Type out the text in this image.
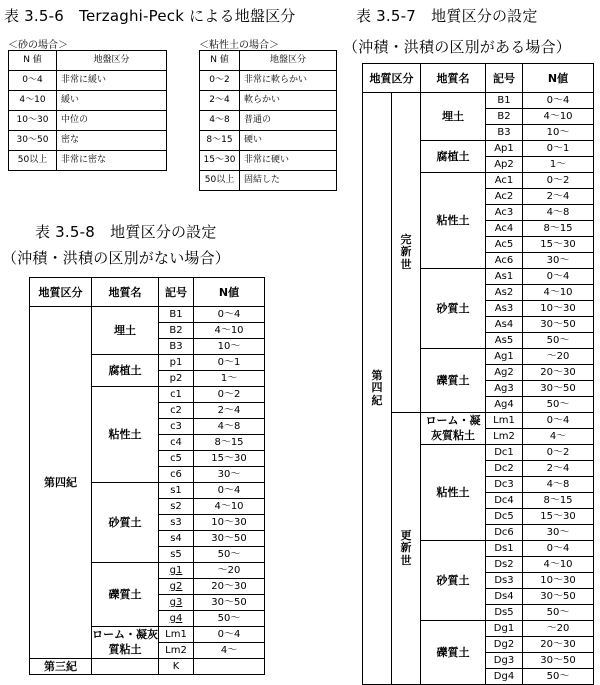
表 3.5-6　Terzaghi-Peck による地盤区分
＜砂の場合＞
N 値	地盤区分
0〜4	非常に緩い
4〜10	緩い
10〜30	中位の
30〜50	密な
50以上	非常に密な
＜粘性土の場合＞
N 値	地盤区分
0〜2	非常に軟らかい
2〜4	軟らかい
4〜8	普通の
8〜15	硬い
15〜30	非常に硬い
50以上	固結した
表 3.5-8　地質区分の設定
（沖積・洪積の区別がない場合）
地質区分	地質名	記号	N値
第四紀	埋土	B1	0〜4
		B2	4〜10
		B3	10〜
	腐植土	p1	0〜1
		p2	1〜
	粘性土	c1	0〜2
		c2	2〜4
		c3	4〜8
		c4	8〜15
		c5	15〜30
		c6	30〜
	砂質土	s1	0〜4
		s2	4〜10
		s3	10〜30
		s4	30〜50
		s5	50〜
	礫質土	g1	〜20
		g2	20〜30
		g3	30〜50
		g4	50〜
	ローム・凝灰質粘土	Lm1	0〜4
		Lm2	4〜
第三紀		K	
表 3.5-7　地質区分の設定
（沖積・洪積の区別がある場合）
地質区分		地質名	記号	N値
第四紀	完新世	埋土	B1	0〜4
			B2	4〜10
			B3	10〜
		腐植土	Ap1	0〜1
			Ap2	1〜
		粘性土	Ac1	0〜2
			Ac2	2〜4
			Ac3	4〜8
			Ac4	8〜15
			Ac5	15〜30
			Ac6	30〜
		砂質土	As1	0〜4
			As2	4〜10
			As3	10〜30
			As4	30〜50
			As5	50〜
		礫質土	Ag1	〜20
			Ag2	20〜30
			Ag3	30〜50
			Ag4	50〜
	更新世	ローム・凝灰質粘土	Lm1	0〜4
			Lm2	4〜
		粘性土	Dc1	0〜2
			Dc2	2〜4
			Dc3	4〜8
			Dc4	8〜15
			Dc5	15〜30
			Dc6	30〜
		砂質土	Ds1	0〜4
			Ds2	4〜10
			Ds3	10〜30
			Ds4	30〜50
			Ds5	50〜
		礫質土	Dg1	〜20
			Dg2	20〜30
			Dg3	30〜50
			Dg4	50〜
